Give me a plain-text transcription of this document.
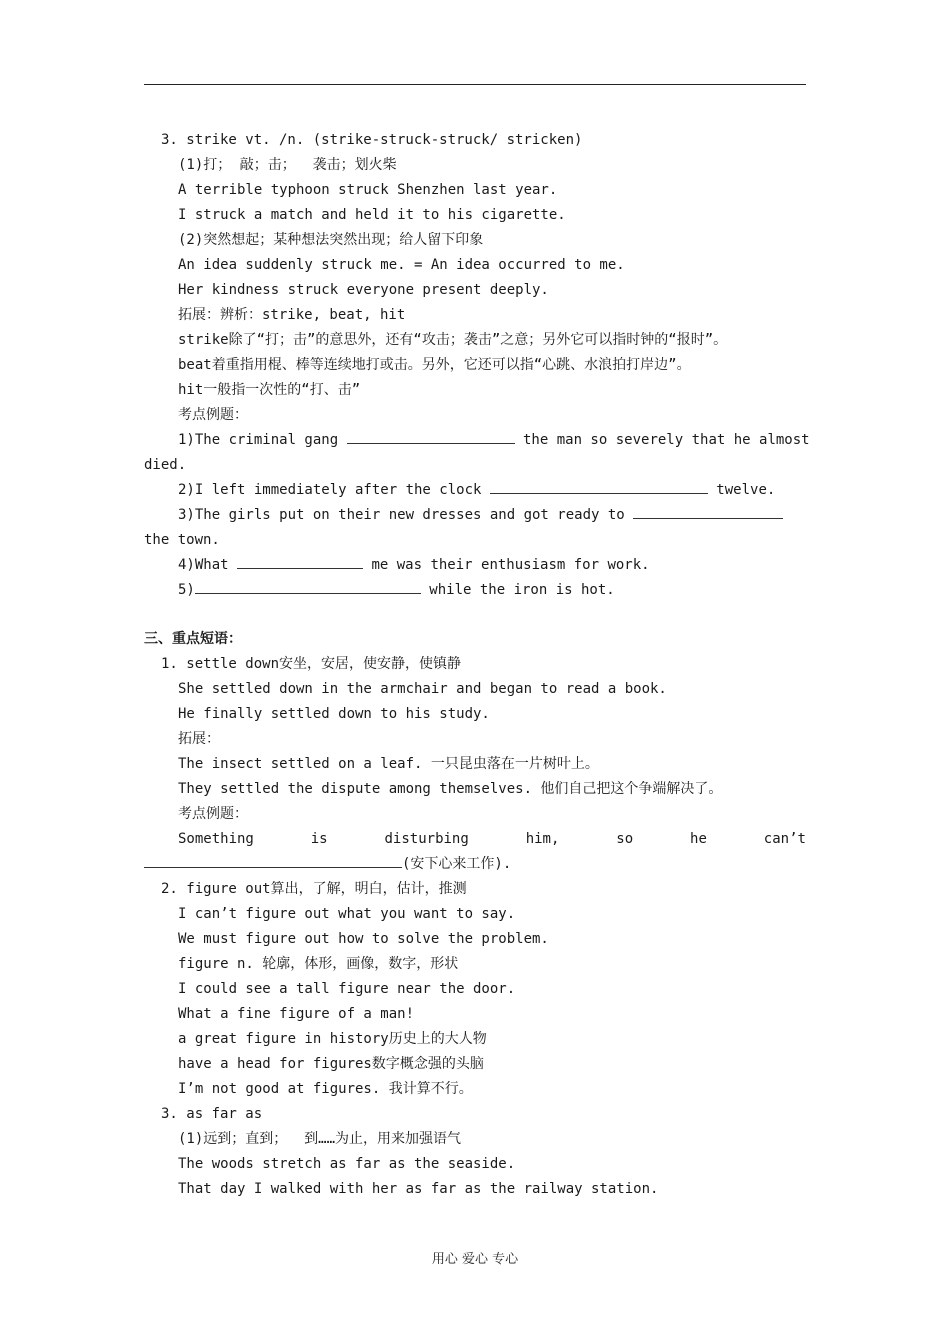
3. strike vt. /n. (strike-struck-struck/ stricken)
(1)打； 敲；击；  袭击；划火柴
A terrible typhoon struck Shenzhen last year.
I struck a match and held it to his cigarette.
(2)突然想起；某种想法突然出现；给人留下印象
An idea suddenly struck me. = An idea occurred to me.
Her kindness struck everyone present deeply.
拓展：辨析：strike, beat, hit
strike除了“打；击”的意思外，还有“攻击；袭击”之意；另外它可以指时钟的“报时”。
beat着重指用棍、棒等连续地打或击。另外，它还可以指“心跳、水浪拍打岸边”。
hit一般指一次性的“打、击”
考点例题：
1)The criminal gang	the man so severely that he almost
died.
2)I left immediately after the clock	twelve.
3)The girls put on their new dresses and got ready to
the town.
4)What	me was their enthusiasm for work.
5)	while the iron is hot.
三、重点短语：
1. settle down安坐，安居，使安静，使镇静
She settled down in the armchair and began to read a book.
He finally settled down to his study.
拓展：
The insect settled on a leaf. 一只昆虫落在一片树叶上。
They settled the dispute among themselves. 他们自己把这个争端解决了。
考点例题：
Something	is	disturbing	him,	so	he	can’t
(安下心来工作).
2. figure out算出，了解，明白，估计，推测
I can’t figure out what you want to say.
We must figure out how to solve the problem.
figure n. 轮廓，体形，画像，数字，形状
I could see a tall figure near the door.
What a fine figure of a man!
a great figure in history历史上的大人物
have a head for figures数字概念强的头脑
I’m not good at figures. 我计算不行。
3. as far as
(1)远到；直到；  到……为止，用来加强语气
The woods stretch as far as the seaside.
That day I walked with her as far as the railway station.
用心 爱心 专心
